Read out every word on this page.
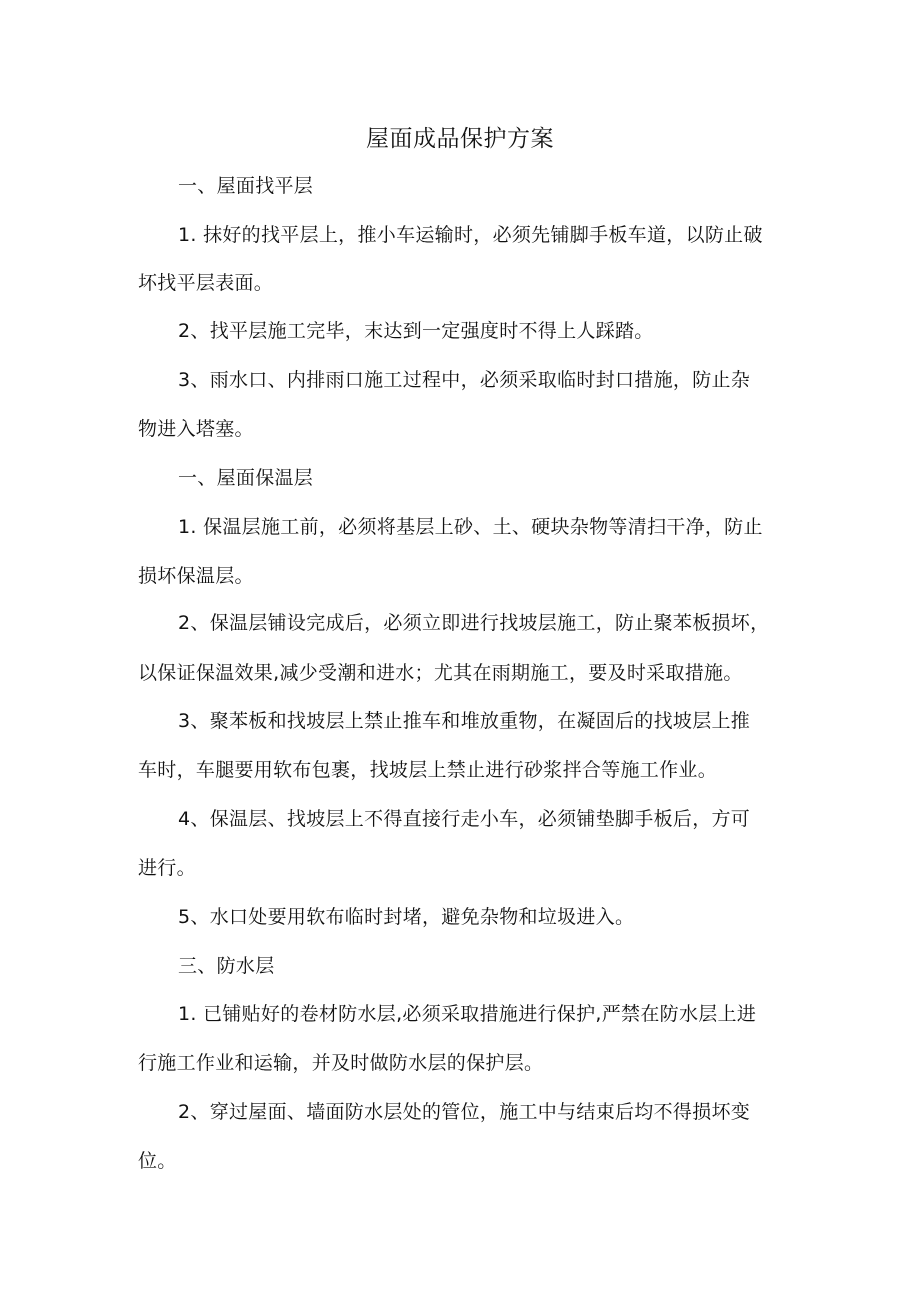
屋面成品保护方案
一、屋面找平层
1. 抹好的找平层上，推小车运输时，必须先铺脚手板车道，以防止破
坏找平层表面。
2、找平层施工完毕，末达到一定强度时不得上人踩踏。
3、雨水口、内排雨口施工过程中，必须采取临时封口措施，防止杂
物进入塔塞。
一、屋面保温层
1. 保温层施工前，必须将基层上砂、土、硬块杂物等清扫干净，防止
损坏保温层。
2、保温层铺设完成后，必须立即进行找坡层施工，防止聚苯板损坏，
以保证保温效果,减少受潮和进水；尤其在雨期施工，要及时采取措施。
3、聚苯板和找坡层上禁止推车和堆放重物，在凝固后的找坡层上推
车时，车腿要用软布包裹，找坡层上禁止进行砂浆拌合等施工作业。
4、保温层、找坡层上不得直接行走小车，必须铺垫脚手板后，方可
进行。
5、水口处要用软布临时封堵，避免杂物和垃圾进入。
三、防水层
1. 已铺贴好的卷材防水层,必须采取措施进行保护,严禁在防水层上进
行施工作业和运输，并及时做防水层的保护层。
2、穿过屋面、墙面防水层处的管位，施工中与结束后均不得损坏变
位。
